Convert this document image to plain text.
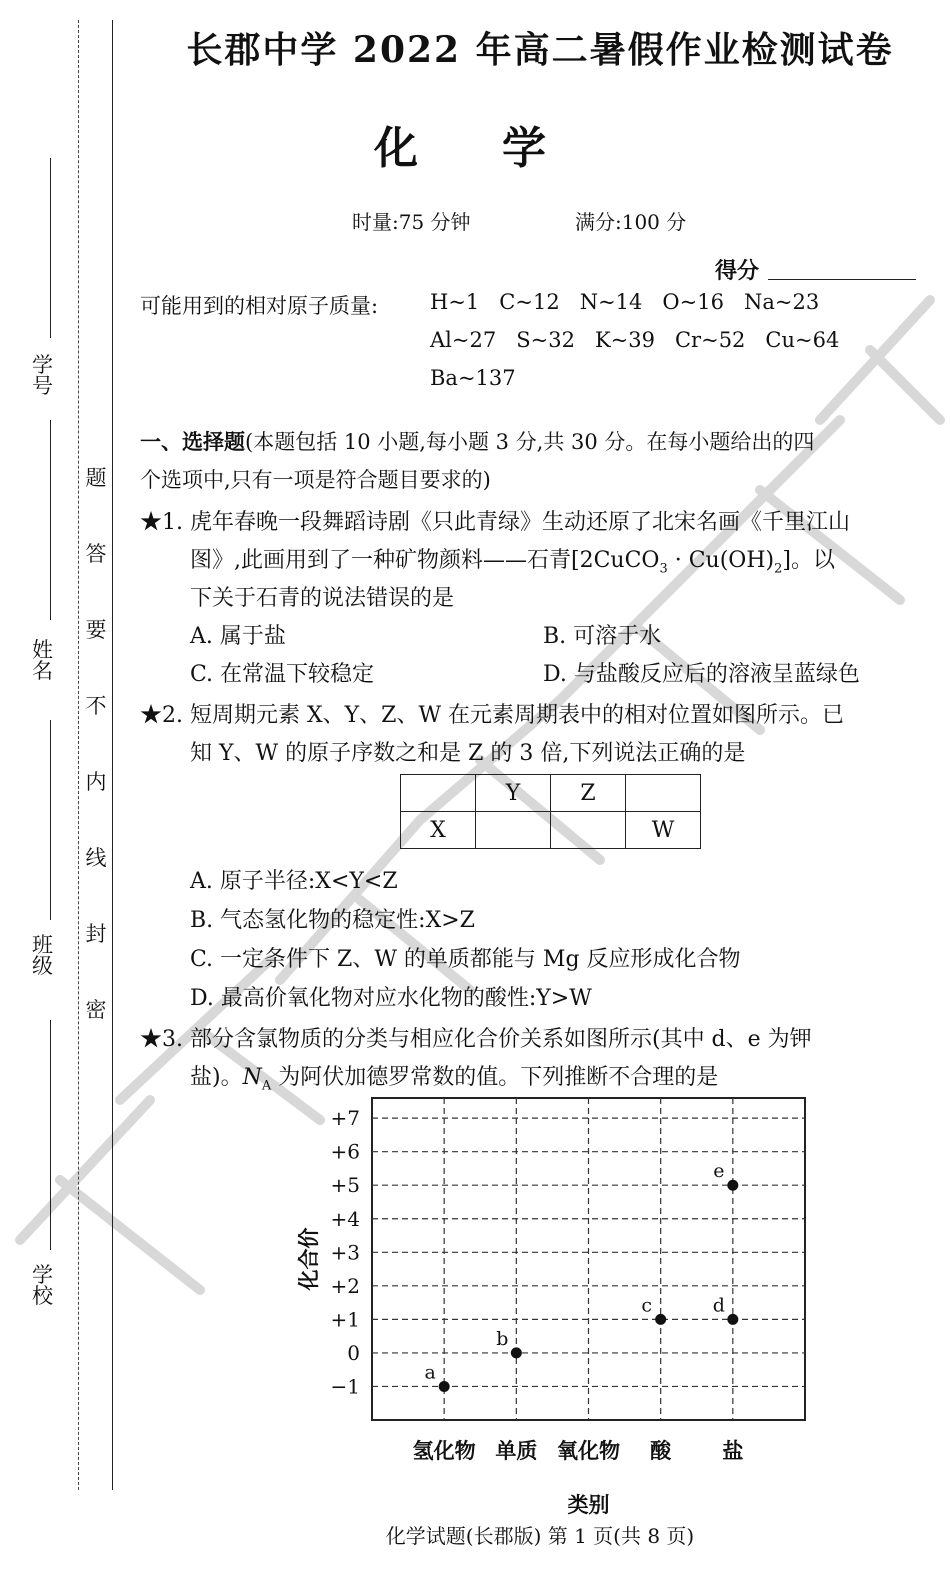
学 号
姓 名
班 级
学 校
题
答
要
不
内
线
封
密
长郡中学 2022 年高二暑假作业检测试卷
化学
时量:75 分钟	满分:100 分
得分
可能用到的相对原子质量: H~1   C~12   N~14   O~16   Na~23
Al~27   S~32   K~39   Cr~52   Cu~64
Ba~137
一、选择题(本题包括 10 小题,每小题 3 分,共 30 分。在每小题给出的四
个选项中,只有一项是符合题目要求的)
★1. 虎年春晚一段舞蹈诗剧《只此青绿》生动还原了北宋名画《千里江山
图》,此画用到了一种矿物颜料——石青[2CuCO$_3$ · $Cu(OH)_2$]。以
下关于石青的说法错误的是
A. 属于盐	B. 可溶于水
C. 在常温下较稳定	D. 与盐酸反应后的溶液呈蓝绿色
★2. 短周期元素 X、Y、Z、W 在元素周期表中的相对位置如图所示。已
知 Y、W 的原子序数之和是 Z 的 3 倍,下列说法正确的是
	Y	Z	
X			W
A. 原子半径:X<Y<Z
B. 气态氢化物的稳定性:X>Z
C. 一定条件下 Z、W 的单质都能与 Mg 反应形成化合物
D. 最高价氧化物对应水化物的酸性:Y>W
★3. 部分含氯物质的分类与相应化合价关系如图所示(其中 d、e 为钾
盐)。$N_A$ 为阿伏加德罗常数的值。下列推断不合理的是
+7
+6
+5
+4
+3
+2
+1
0
−1
氢化物 单质 氧化物 酸 盐
化合价
类别
a
b
c	d
e
化学试题(长郡版) 第 1 页(共 8 页)
